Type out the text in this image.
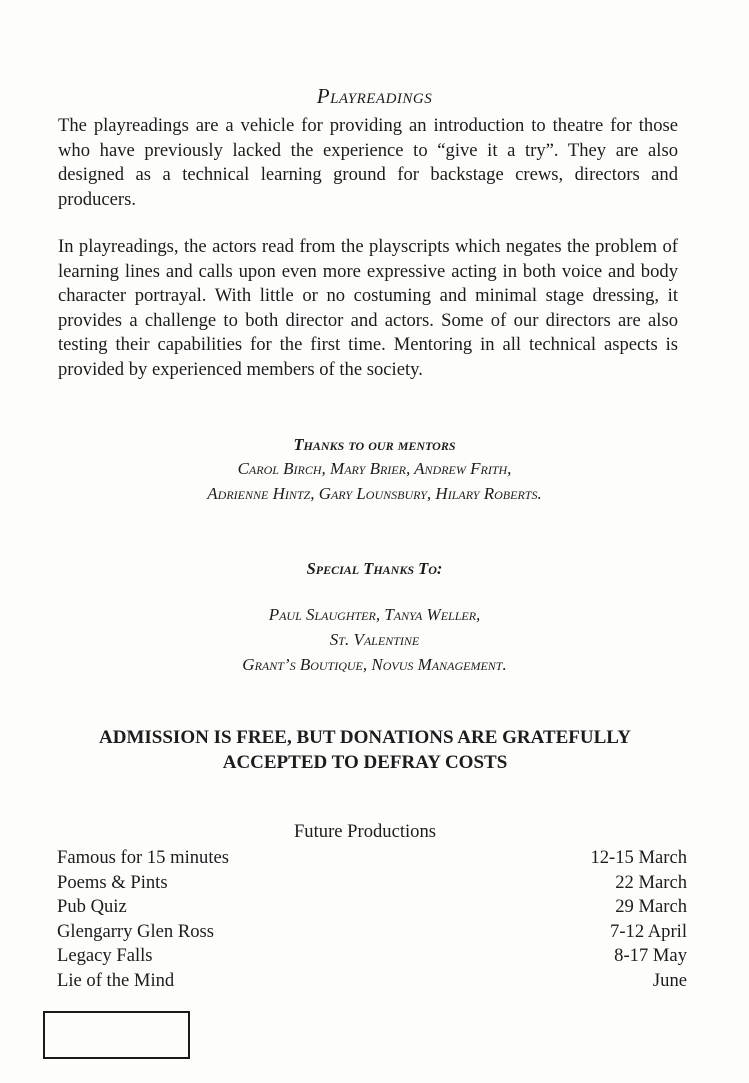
Playreadings

The playreadings are a vehicle for providing an introduction to theatre for those who have previously lacked the experience to “give it a try”. They are also designed as a technical learning ground for backstage crews, directors and producers.

In playreadings, the actors read from the playscripts which negates the problem of learning lines and calls upon even more expressive acting in both voice and body character portrayal. With little or no costuming and minimal stage dressing, it provides a challenge to both director and actors. Some of our directors are also testing their capabilities for the first time. Mentoring in all technical aspects is provided by experienced members of the society.

Thanks to our mentors

Carol Birch, Mary Brier, Andrew Frith,

Adrienne Hintz, Gary Lounsbury, Hilary Roberts.

Special Thanks To:

Paul Slaughter, Tanya Weller,

St. Valentine

Grant’s Boutique, Novus Management.

ADMISSION IS FREE, BUT DONATIONS ARE GRATEFULLY
ACCEPTED TO DEFRAY COSTS
Future Productions
Famous for 15 minutes	12-15 March
Poems & Pints	22 March
Pub Quiz	29 March
Glengarry Glen Ross	7-12 April
Legacy Falls	8-17 May
Lie of the Mind	June
